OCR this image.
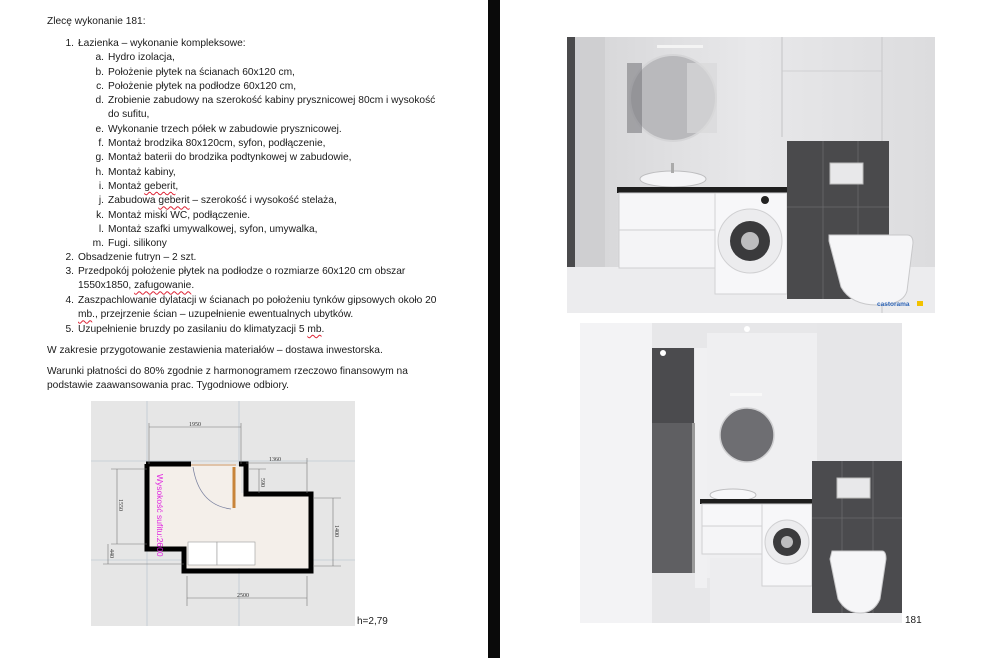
Zlecę wykonanie 181:
1. Łazienka – wykonanie kompleksowe:
a. Hydro izolacja,
b. Położenie płytek na ścianach 60x120 cm,
c. Położenie płytek na podłodze 60x120 cm,
d. Zrobienie zabudowy na szerokość kabiny prysznicowej 80cm i wysokość
do sufitu,
e. Wykonanie trzech półek w zabudowie prysznicowej.
f. Montaż brodzika 80x120cm, syfon, podłączenie,
g. Montaż baterii do brodzika podtynkowej w zabudowie,
h. Montaż kabiny,
i. Montaż geberit,
j. Zabudowa geberit – szerokość i wysokość stelaża,
k. Montaż miski WC, podłączenie.
l. Montaż szafki umywalkowej, syfon, umywalka,
m. Fugi. silikony
2. Obsadzenie futryn – 2 szt.
3. Przedpokój położenie płytek na podłodze o rozmiarze 60x120 cm obszar
1550x1850, zafugowanie.
4. Zaszpachlowanie dylatacji w ścianach po położeniu tynków gipsowych około 20
mb., przejrzenie ścian – uzupełnienie ewentualnych ubytków.
5. Uzupełnienie bruzdy po zasilaniu do klimatyzacji 5 mb.
W zakresie przygotowanie zestawienia materiałów – dostawa inwestorska.
Warunki płatności do 80% zgodnie z harmonogramem rzeczowo finansowym na
podstawie zaawansowania prac. Tygodniowe odbiory.
1950
1360
590
1550
440
1400
2500
Wysokość sufitu:2600
h=2,79
castorama
181
